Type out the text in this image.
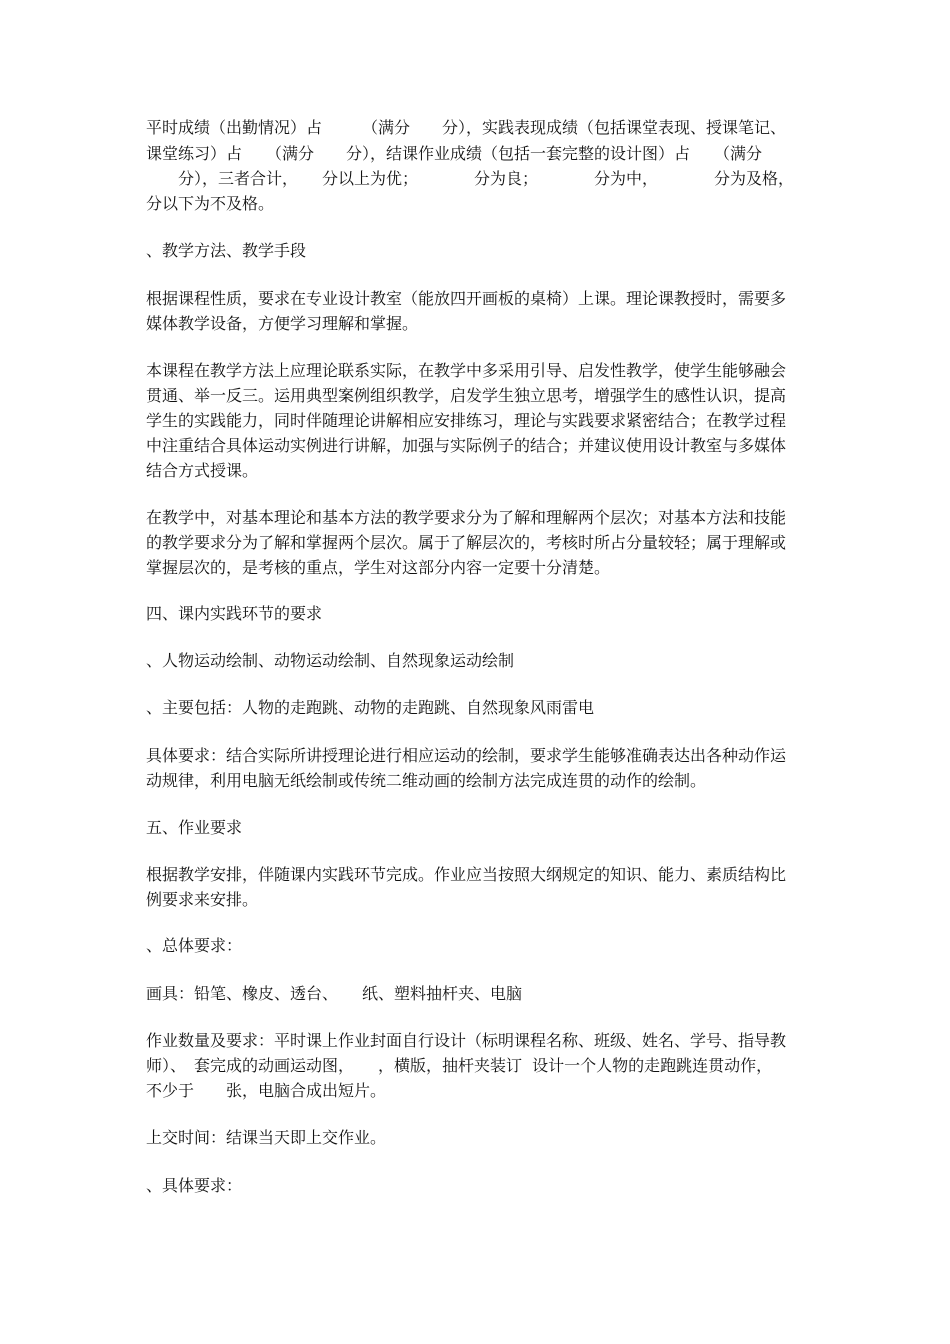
平时成绩（出勤情况）占　　　（满分　　分），实践表现成绩（包括课堂表现、授课笔记、

课堂练习）占　　（满分　　分），结课作业成绩（包括一套完整的设计图）占　　（满分

　　分），三者合计，　　分以上为优；　　　　分为良；　　　　分为中，　　　　分为及格，

分以下为不及格。

、教学方法、教学手段

根据课程性质，要求在专业设计教室（能放四开画板的桌椅）上课。理论课教授时，需要多

媒体教学设备，方便学习理解和掌握。

本课程在教学方法上应理论联系实际，在教学中多采用引导、启发性教学，使学生能够融会

贯通、举一反三。运用典型案例组织教学，启发学生独立思考，增强学生的感性认识，提高

学生的实践能力，同时伴随理论讲解相应安排练习，理论与实践要求紧密结合；在教学过程

中注重结合具体运动实例进行讲解，加强与实际例子的结合；并建议使用设计教室与多媒体

结合方式授课。

在教学中，对基本理论和基本方法的教学要求分为了解和理解两个层次；对基本方法和技能

的教学要求分为了解和掌握两个层次。属于了解层次的，考核时所占分量较轻；属于理解或

掌握层次的，是考核的重点，学生对这部分内容一定要十分清楚。

四、课内实践环节的要求

、人物运动绘制、动物运动绘制、自然现象运动绘制

、主要包括：人物的走跑跳、动物的走跑跳、自然现象风雨雷电

具体要求：结合实际所讲授理论进行相应运动的绘制，要求学生能够准确表达出各种动作运

动规律，利用电脑无纸绘制或传统二维动画的绘制方法完成连贯的动作的绘制。

五、作业要求

根据教学安排，伴随课内实践环节完成。作业应当按照大纲规定的知识、能力、素质结构比

例要求来安排。

、总体要求：

画具：铅笔、橡皮、透台、　　纸、塑料抽杆夹、电脑

作业数量及要求：平时课上作业封面自行设计（标明课程名称、班级、姓名、学号、指导教

师）、　套完成的动画运动图，　　，横版，抽杆夹装订  设计一个人物的走跑跳连贯动作，

不少于　　张，电脑合成出短片。

上交时间：结课当天即上交作业。

、具体要求：
